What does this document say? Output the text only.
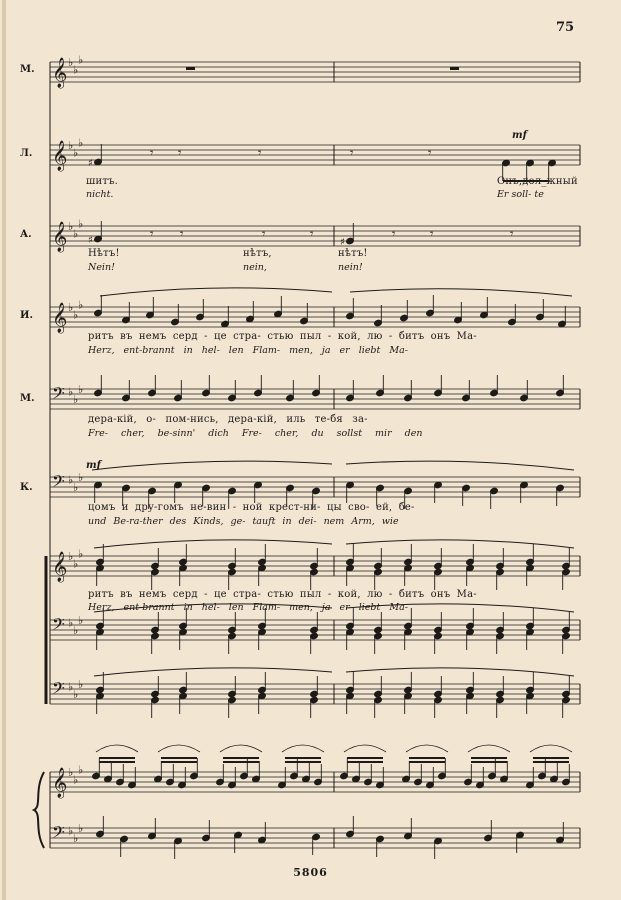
75
𝄞 ♭
♭
♭
𝄞 ♭
♭
♭
𝄞 ♭
♭
♭
𝄞 ♭
♭
♭
𝄢 ♭
♭
♭
𝄢 ♭
♭
♭
𝄞 ♭
♭
♭
𝄢 ♭
♭
♭
𝄢 ♭
♭
♭
𝄞 ♭
♭
♭
𝄢 ♭
♭
♭
♯
𝄾 𝄾	𝄾	𝄾	𝄾
♯	𝄾 𝄾	𝄾	𝄾
♯
𝄾	𝄾	𝄾
M.
Л.
А.
И.
М.
К.
mf
mf
шитъ.
nicht.
Онъ,дол_жный
Er soll- te
Нѣтъ!
Nein!
нѣтъ,
nein,
нѣтъ!
nein!
ритъ въ немъ серд - це стра- стью пыл - кой, лю - битъ онъ Ма-
Herz, ent-brannt in hel- len Flam- men, ja er liebt Ma-
дера-кій, о- пом-нись, дера-кій, иль те-бя за-
Fre- cher, be-sinn' dich Fre- cher, du sollst mir den
цомъ и дру-гомъ не-вин - ной крест-ни- цы сво- ей, бе-
und Be-ra-ther des Kinds, ge- tauft in dei- nem Arm, wie
ритъ въ немъ серд - це стра- стью пыл - кой, лю - битъ онъ Ма-
Herz, ent-brannt in hel- len Flam- men, ja er liebt Ma-
5806
